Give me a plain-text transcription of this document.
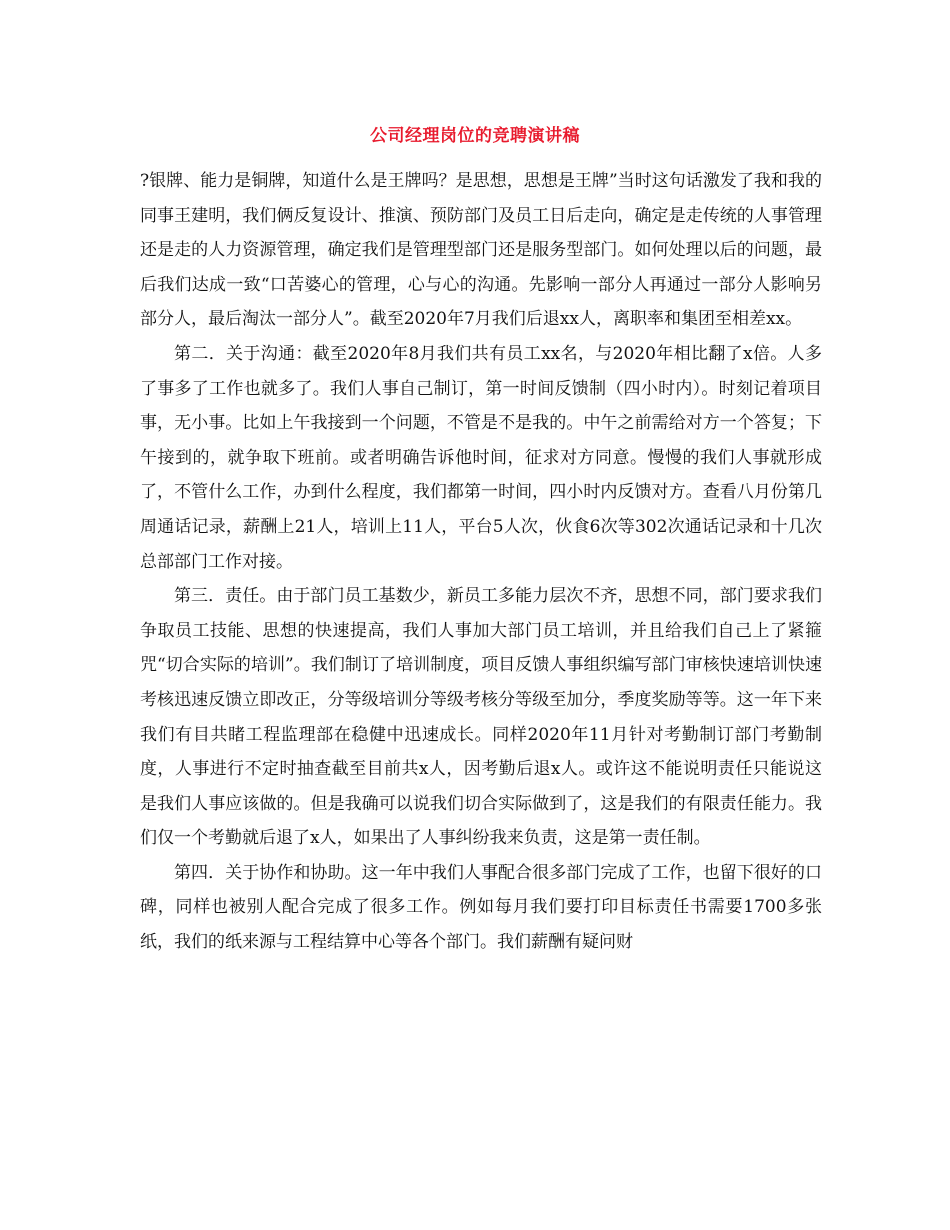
公司经理岗位的竞聘演讲稿

?银牌、能力是铜牌，知道什么是王牌吗？是思想，思想是王牌”当时这句话激发了我和我的同事王建明，我们俩反复设计、推演、预防部门及员工日后走向，确定是走传统的人事管理还是走的人力资源管理，确定我们是管理型部门还是服务型部门。如何处理以后的问题，最后我们达成一致“口苦婆心的管理，心与心的沟通。先影响一部分人再通过一部分人影响另部分人，最后淘汰一部分人”。截至2020年7月我们后退xx人，离职率和集团至相差xx。

第二．关于沟通：截至2020年8月我们共有员工xx名，与2020年相比翻了x倍。人多了事多了工作也就多了。我们人事自己制订，第一时间反馈制（四小时内）。时刻记着项目事，无小事。比如上午我接到一个问题，不管是不是我的。中午之前需给对方一个答复；下午接到的，就争取下班前。或者明确告诉他时间，征求对方同意。慢慢的我们人事就形成了，不管什么工作，办到什么程度，我们都第一时间，四小时内反馈对方。查看八月份第几周通话记录，薪酬上21人，培训上11人，平台5人次，伙食6次等302次通话记录和十几次总部部门工作对接。

第三．责任。由于部门员工基数少，新员工多能力层次不齐，思想不同，部门要求我们争取员工技能、思想的快速提高，我们人事加大部门员工培训，并且给我们自己上了紧箍咒“切合实际的培训”。我们制订了培训制度，项目反馈人事组织编写部门审核快速培训快速考核迅速反馈立即改正，分等级培训分等级考核分等级至加分，季度奖励等等。这一年下来我们有目共睹工程监理部在稳健中迅速成长。同样2020年11月针对考勤制订部门考勤制度，人事进行不定时抽查截至目前共x人，因考勤后退x人。或许这不能说明责任只能说这是我们人事应该做的。但是我确可以说我们切合实际做到了，这是我们的有限责任能力。我们仅一个考勤就后退了x人，如果出了人事纠纷我来负责，这是第一责任制。

第四．关于协作和协助。这一年中我们人事配合很多部门完成了工作，也留下很好的口碑，同样也被别人配合完成了很多工作。例如每月我们要打印目标责任书需要1700多张纸，我们的纸来源与工程结算中心等各个部门。我们薪酬有疑问财
